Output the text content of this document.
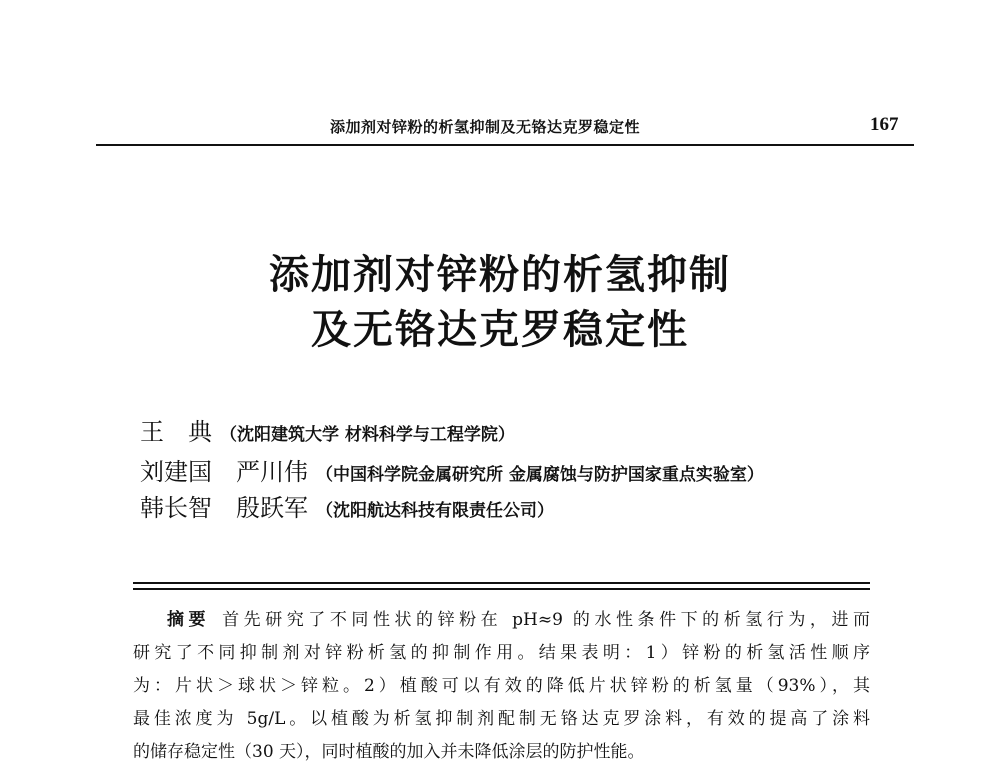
添加剂对锌粉的析氢抑制及无铬达克罗稳定性	167
添加剂对锌粉的析氢抑制
及无铬达克罗稳定性
王　典 （沈阳建筑大学 材料科学与工程学院）
刘建国　严川伟 （中国科学院金属研究所 金属腐蚀与防护国家重点实验室）
韩长智　殷跃军 （沈阳航达科技有限责任公司）
摘要 首先研究了不同性状的锌粉在 pH≈9 的水性条件下的析氢行为，进而
研究了不同抑制剂对锌粉析氢的抑制作用。结果表明：1）锌粉的析氢活性顺序
为：片状＞球状＞锌粒。2）植酸可以有效的降低片状锌粉的析氢量（93%），其
最佳浓度为 5g/L。以植酸为析氢抑制剂配制无铬达克罗涂料，有效的提高了涂料
的储存稳定性（30 天），同时植酸的加入并未降低涂层的防护性能。
